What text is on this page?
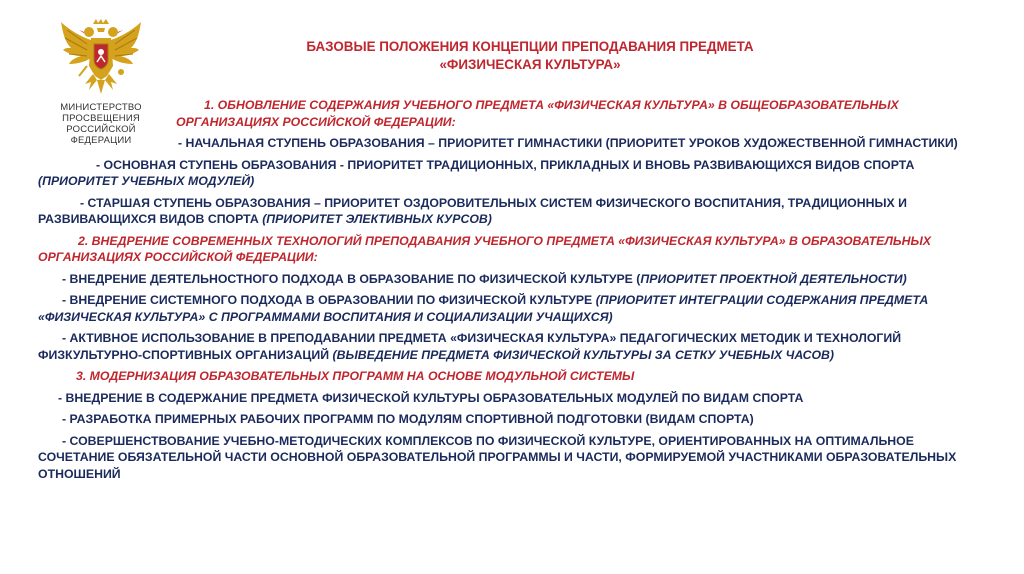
МИНИСТЕРСТВО
ПРОСВЕЩЕНИЯ
РОССИЙСКОЙ ФЕДЕРАЦИИ
БАЗОВЫЕ ПОЛОЖЕНИЯ КОНЦЕПЦИИ ПРЕПОДАВАНИЯ ПРЕДМЕТА
«ФИЗИЧЕСКАЯ КУЛЬТУРА»
1. ОБНОВЛЕНИЕ СОДЕРЖАНИЯ УЧЕБНОГО ПРЕДМЕТА «ФИЗИЧЕСКАЯ КУЛЬТУРА» В ОБЩЕОБРАЗОВАТЕЛЬНЫХ ОРГАНИЗАЦИЯХ РОССИЙСКОЙ ФЕДЕРАЦИИ:
- НАЧАЛЬНАЯ СТУПЕНЬ ОБРАЗОВАНИЯ – ПРИОРИТЕТ ГИМНАСТИКИ (ПРИОРИТЕТ УРОКОВ ХУДОЖЕСТВЕННОЙ ГИМНАСТИКИ)
- ОСНОВНАЯ СТУПЕНЬ ОБРАЗОВАНИЯ - ПРИОРИТЕТ ТРАДИЦИОННЫХ, ПРИКЛАДНЫХ И ВНОВЬ РАЗВИВАЮЩИХСЯ ВИДОВ СПОРТА (ПРИОРИТЕТ УЧЕБНЫХ МОДУЛЕЙ)
- СТАРШАЯ СТУПЕНЬ ОБРАЗОВАНИЯ – ПРИОРИТЕТ ОЗДОРОВИТЕЛЬНЫХ СИСТЕМ ФИЗИЧЕСКОГО ВОСПИТАНИЯ, ТРАДИЦИОННЫХ И РАЗВИВАЮЩИХСЯ ВИДОВ СПОРТА (ПРИОРИТЕТ ЭЛЕКТИВНЫХ КУРСОВ)
2. ВНЕДРЕНИЕ СОВРЕМЕННЫХ ТЕХНОЛОГИЙ ПРЕПОДАВАНИЯ УЧЕБНОГО ПРЕДМЕТА «ФИЗИЧЕСКАЯ КУЛЬТУРА» В ОБРАЗОВАТЕЛЬНЫХ ОРГАНИЗАЦИЯХ РОССИЙСКОЙ ФЕДЕРАЦИИ:
- ВНЕДРЕНИЕ ДЕЯТЕЛЬНОСТНОГО ПОДХОДА В ОБРАЗОВАНИЕ ПО ФИЗИЧЕСКОЙ КУЛЬТУРЕ (ПРИОРИТЕТ ПРОЕКТНОЙ ДЕЯТЕЛЬНОСТИ)
- ВНЕДРЕНИЕ СИСТЕМНОГО ПОДХОДА В ОБРАЗОВАНИИ ПО ФИЗИЧЕСКОЙ КУЛЬТУРЕ (ПРИОРИТЕТ ИНТЕГРАЦИИ СОДЕРЖАНИЯ ПРЕДМЕТА «ФИЗИЧЕСКАЯ КУЛЬТУРА» С ПРОГРАММАМИ ВОСПИТАНИЯ И СОЦИАЛИЗАЦИИ УЧАЩИХСЯ)
- АКТИВНОЕ ИСПОЛЬЗОВАНИЕ В ПРЕПОДАВАНИИ ПРЕДМЕТА «ФИЗИЧЕСКАЯ КУЛЬТУРА» ПЕДАГОГИЧЕСКИХ МЕТОДИК И ТЕХНОЛОГИЙ ФИЗКУЛЬТУРНО-СПОРТИВНЫХ ОРГАНИЗАЦИЙ (ВЫВЕДЕНИЕ ПРЕДМЕТА ФИЗИЧЕСКОЙ КУЛЬТУРЫ ЗА СЕТКУ УЧЕБНЫХ ЧАСОВ)
3. МОДЕРНИЗАЦИЯ ОБРАЗОВАТЕЛЬНЫХ ПРОГРАММ НА ОСНОВЕ МОДУЛЬНОЙ СИСТЕМЫ
- ВНЕДРЕНИЕ В СОДЕРЖАНИЕ ПРЕДМЕТА ФИЗИЧЕСКОЙ КУЛЬТУРЫ ОБРАЗОВАТЕЛЬНЫХ МОДУЛЕЙ ПО ВИДАМ СПОРТА
- РАЗРАБОТКА ПРИМЕРНЫХ РАБОЧИХ ПРОГРАММ ПО МОДУЛЯМ СПОРТИВНОЙ ПОДГОТОВКИ (ВИДАМ СПОРТА)
- СОВЕРШЕНСТВОВАНИЕ УЧЕБНО-МЕТОДИЧЕСКИХ КОМПЛЕКСОВ ПО ФИЗИЧЕСКОЙ КУЛЬТУРЕ, ОРИЕНТИРОВАННЫХ НА ОПТИМАЛЬНОЕ СОЧЕТАНИЕ ОБЯЗАТЕЛЬНОЙ ЧАСТИ ОСНОВНОЙ ОБРАЗОВАТЕЛЬНОЙ ПРОГРАММЫ И ЧАСТИ, ФОРМИРУЕМОЙ УЧАСТНИКАМИ ОБРАЗОВАТЕЛЬНЫХ ОТНОШЕНИЙ
